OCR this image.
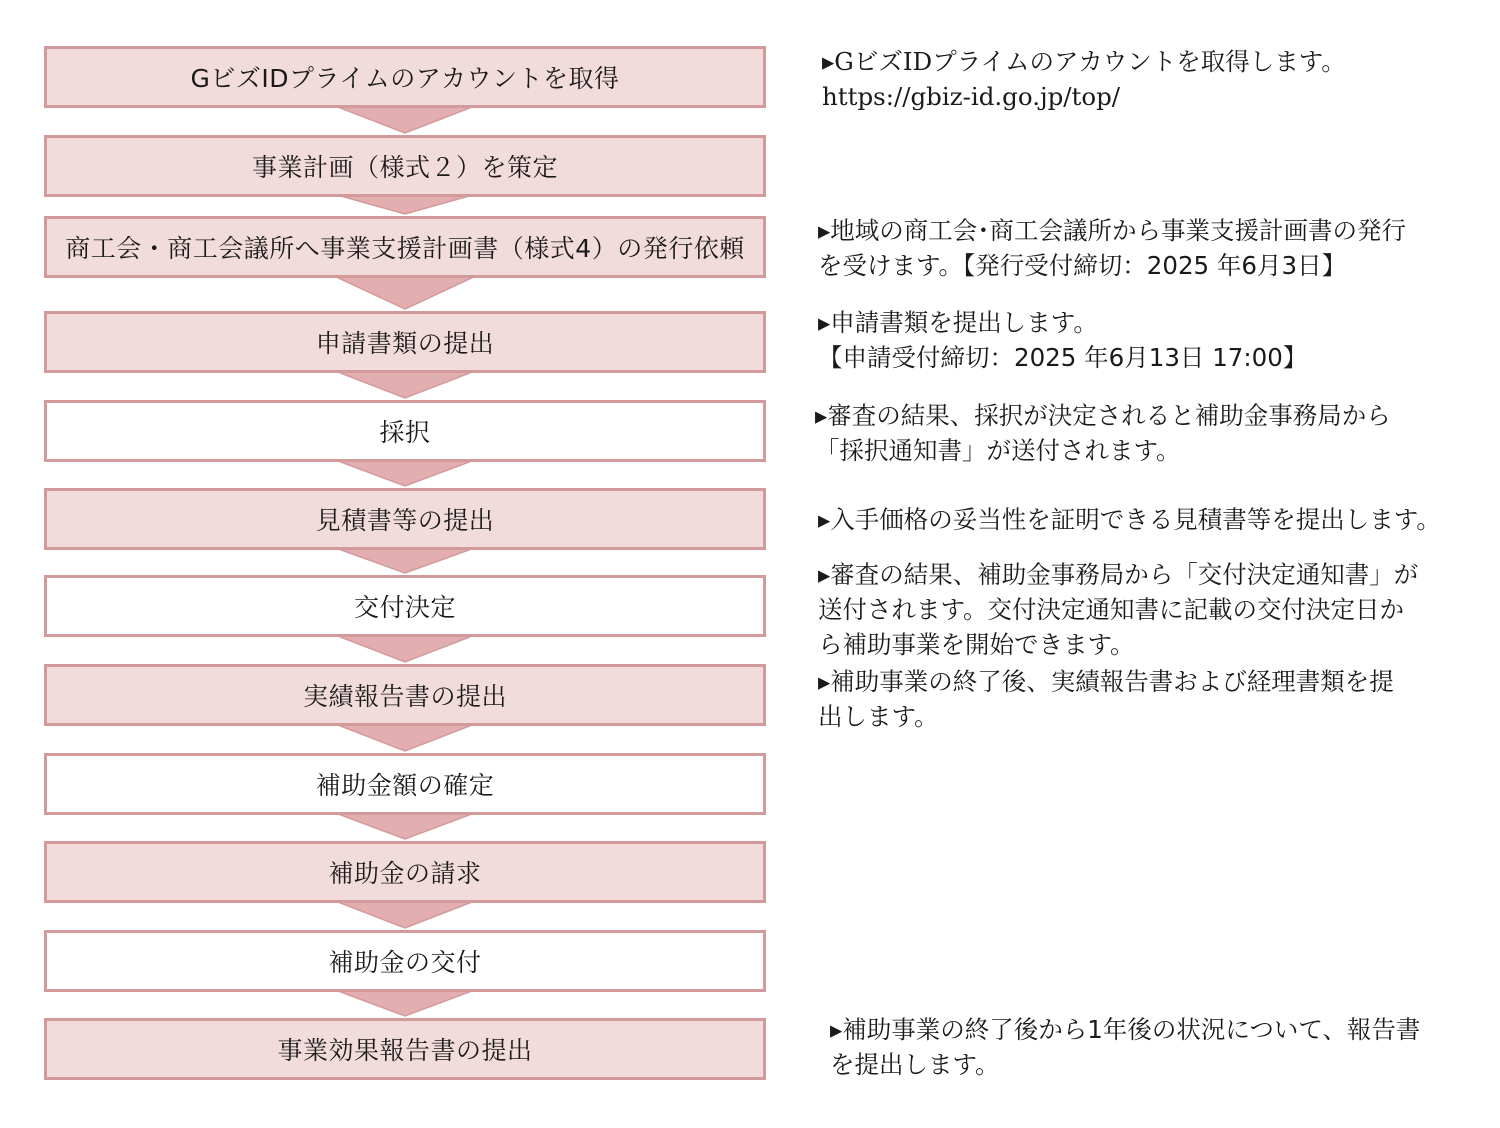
GビズIDプライムのアカウントを取得
事業計画（様式２）を策定
商工会・商工会議所へ事業支援計画書（様式4）の発行依頼
申請書類の提出
採択
見積書等の提出
交付決定
実績報告書の提出
補助金額の確定
補助金の請求
補助金の交付
事業効果報告書の提出
▸GビズIDプライムのアカウントを取得します。
https://gbiz-id.go.jp/top/
▸地域の商工会･商工会議所から事業支援計画書の発行
を受けます。【発行受付締切：2025 年6月3日】
▸申請書類を提出します。
【申請受付締切：2025 年6月13日 17:00】
▸審査の結果、採択が決定されると補助金事務局から
「採択通知書」が送付されます。
▸入手価格の妥当性を証明できる見積書等を提出します。
▸審査の結果、補助金事務局から「交付決定通知書」が
送付されます。交付決定通知書に記載の交付決定日か
ら補助事業を開始できます。
▸補助事業の終了後、実績報告書および経理書類を提
出します。
▸補助事業の終了後から1年後の状況について、報告書
を提出します。
